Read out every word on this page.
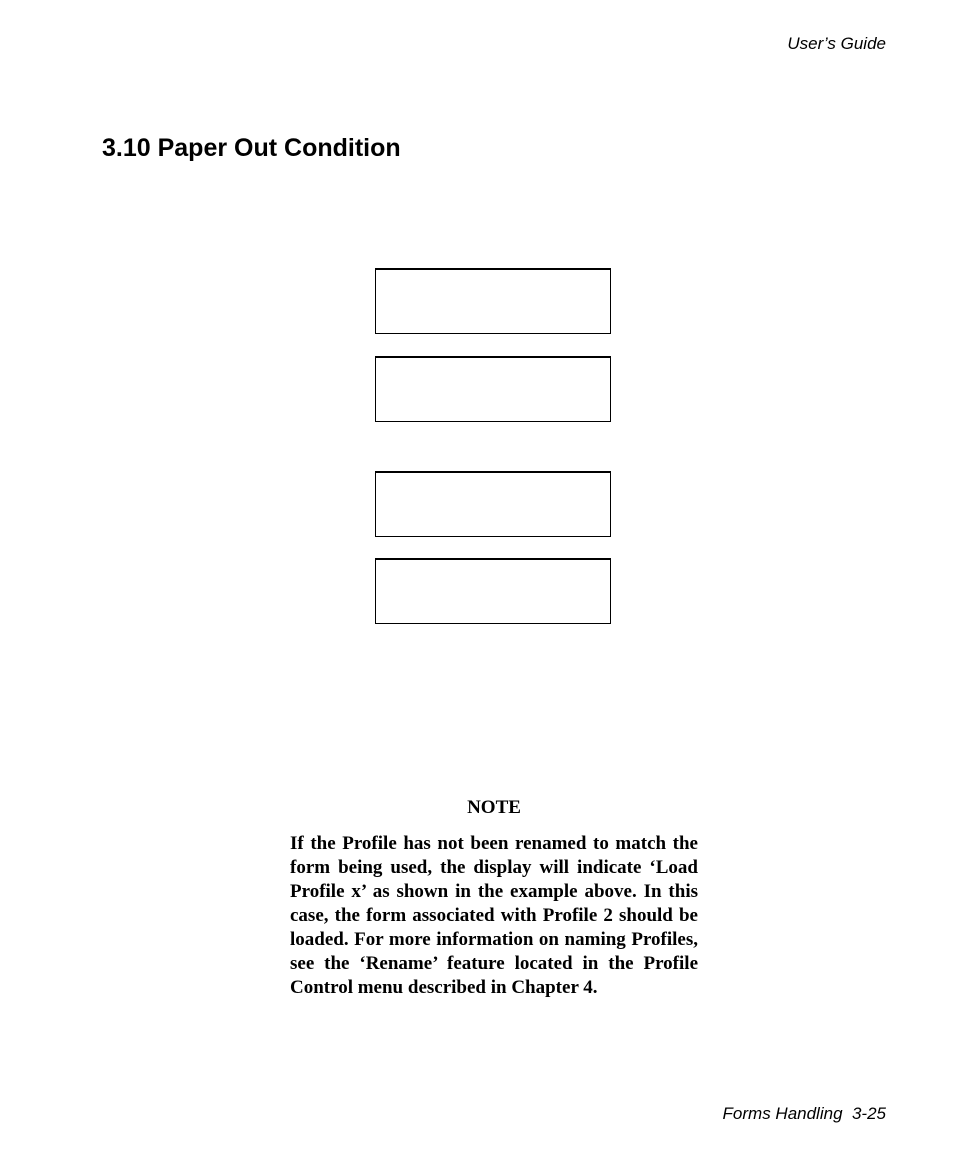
User’s Guide

3.10 Paper Out Condition

NOTE

If the Profile has not been renamed to match the form being used, the display will indicate ‘Load Profile x’ as shown in the example above. In this case, the form associated with Profile 2 should be loaded. For more information on naming Profiles, see the ‘Rename’ feature located in the Profile Control menu described in Chapter 4.

Forms Handling  3-25
